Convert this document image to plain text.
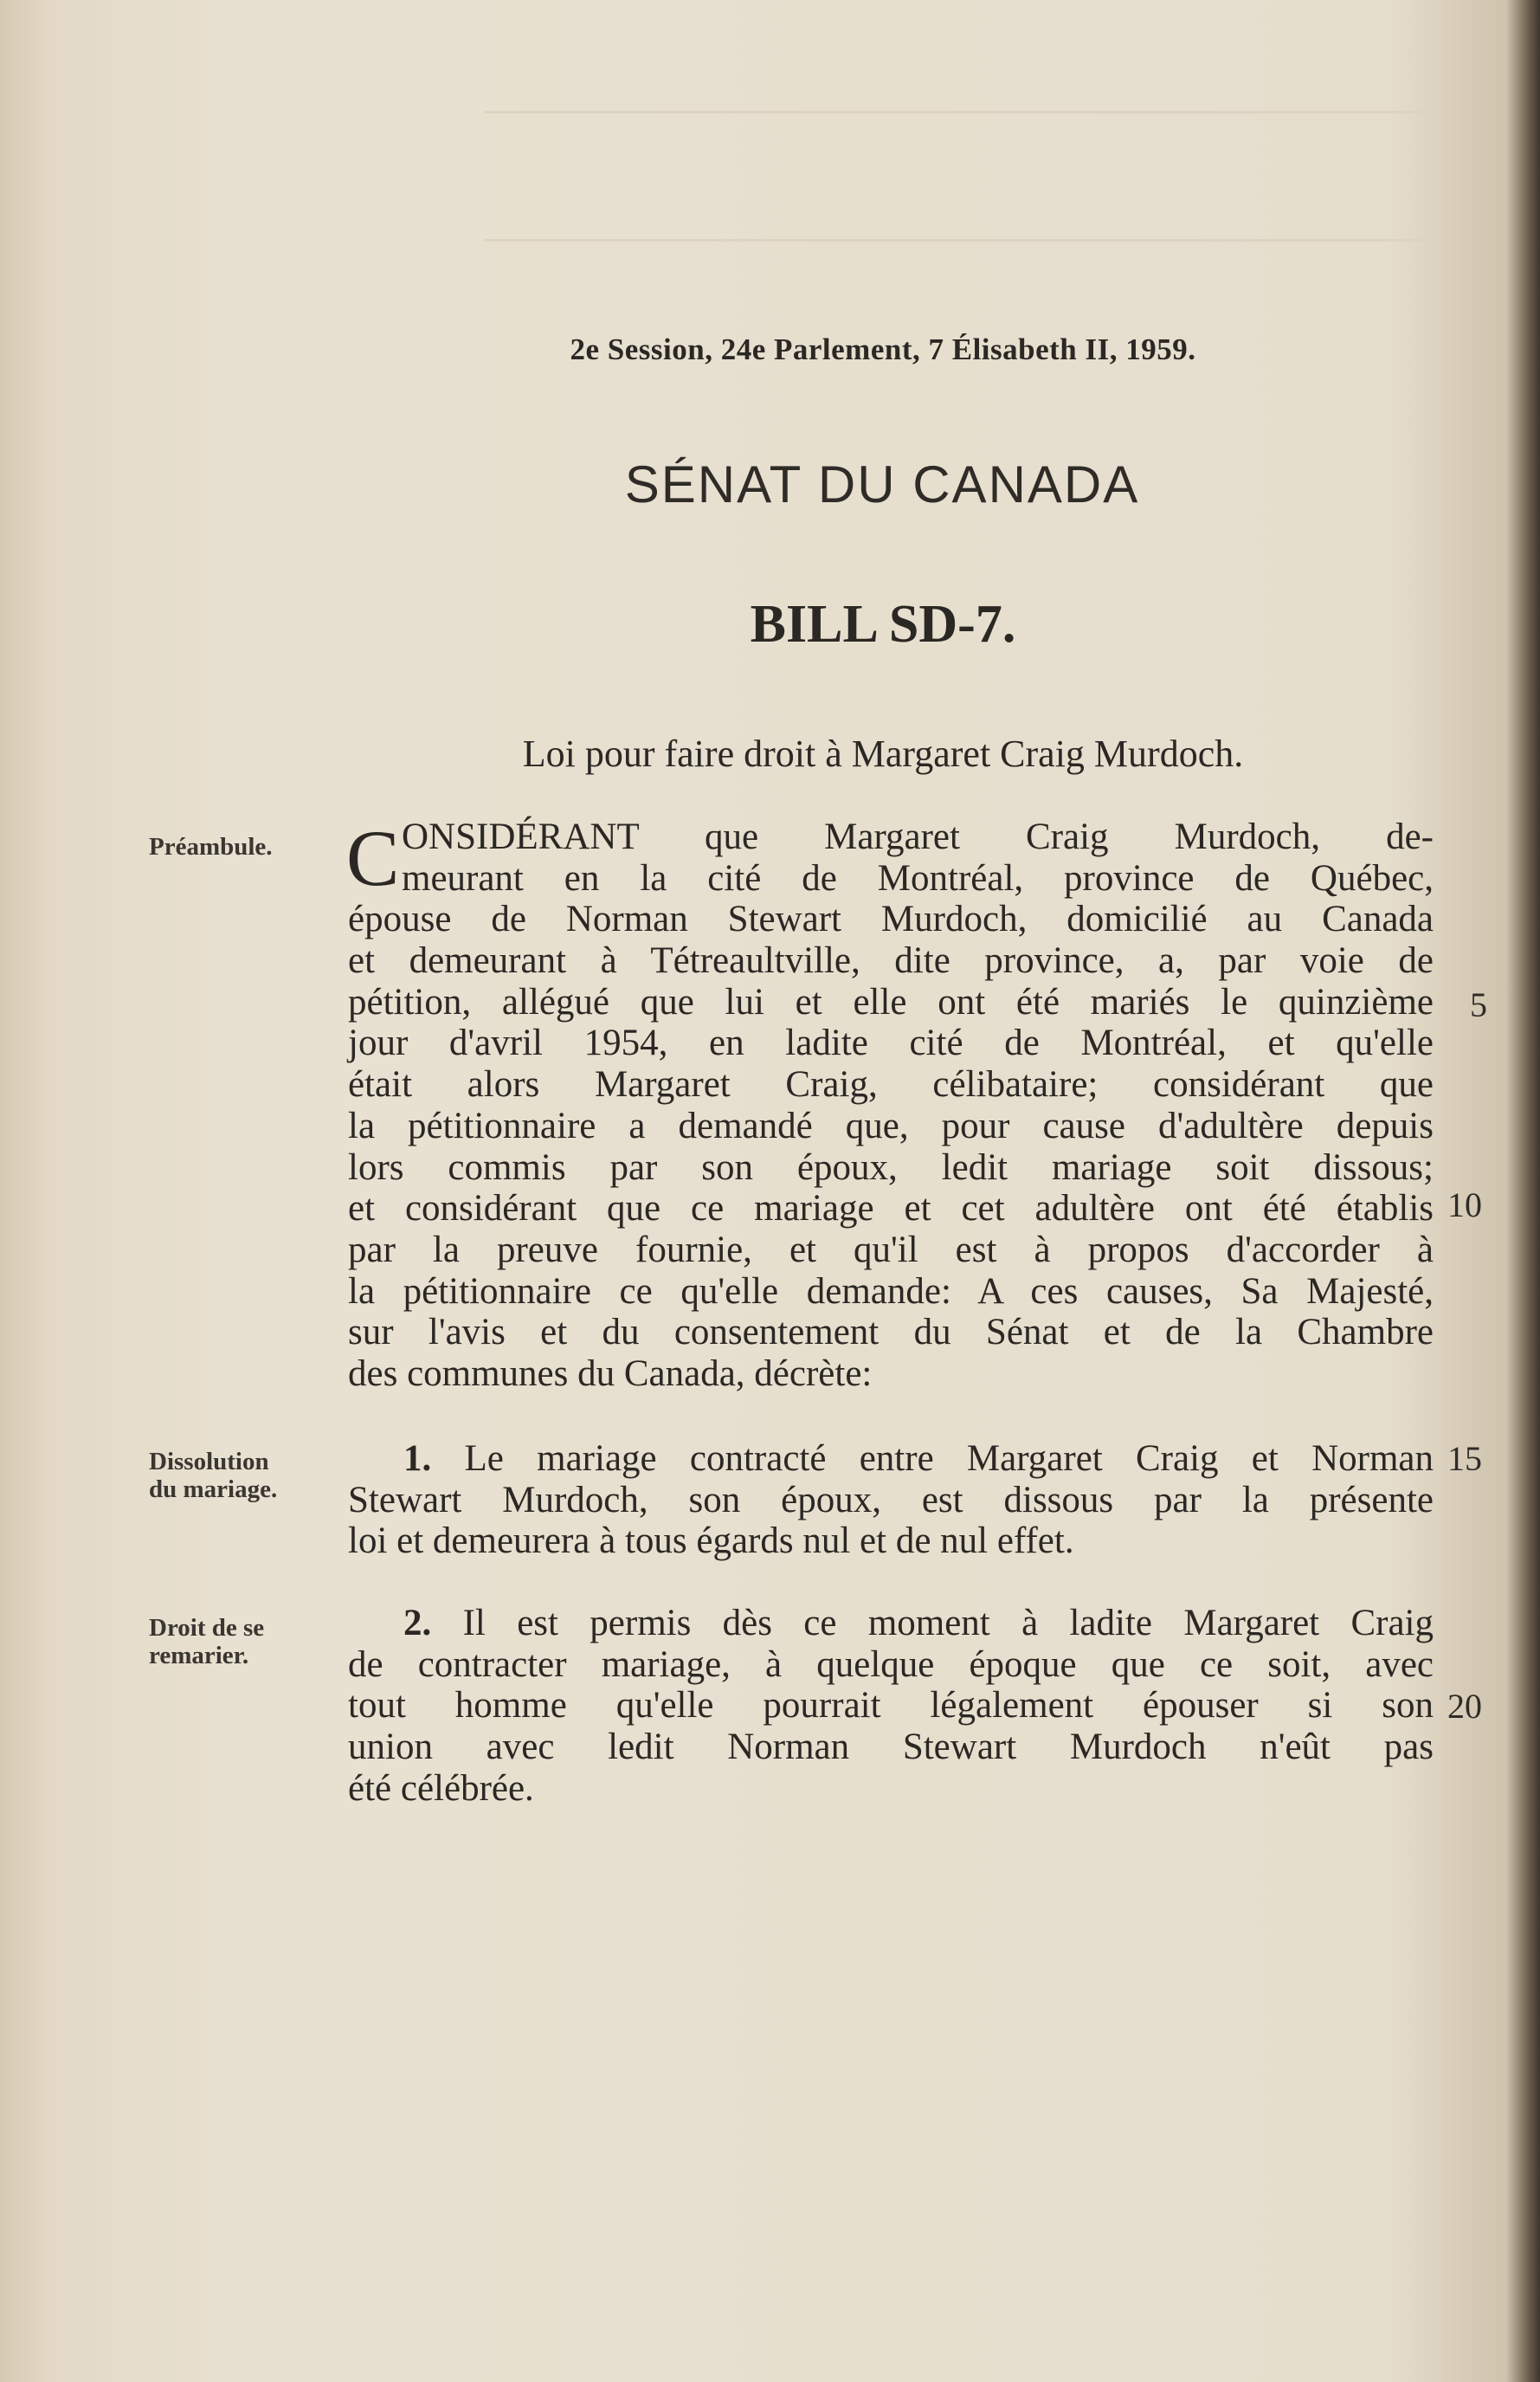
2e Session, 24e Parlement, 7 Élisabeth II, 1959.
SÉNAT DU CANADA
BILL SD-7.
Loi pour faire droit à Margaret Craig Murdoch.
Préambule.
Dissolution
du mariage.
Droit de se
remarier.
C ONSIDÉRANT que Margaret Craig Murdoch, de-
meurant en la cité de Montréal, province de Québec,
épouse de Norman Stewart Murdoch, domicilié au Canada
et demeurant à Tétreaultville, dite province, a, par voie de
pétition, allégué que lui et elle ont été mariés le quinzième
jour d'avril 1954, en ladite cité de Montréal, et qu'elle
était alors Margaret Craig, célibataire; considérant que
la pétitionnaire a demandé que, pour cause d'adultère depuis
lors commis par son époux, ledit mariage soit dissous;
et considérant que ce mariage et cet adultère ont été établis
par la preuve fournie, et qu'il est à propos d'accorder à
la pétitionnaire ce qu'elle demande: A ces causes, Sa Majesté,
sur l'avis et du consentement du Sénat et de la Chambre
des communes du Canada, décrète:
1. Le mariage contracté entre Margaret Craig et Norman
Stewart Murdoch, son époux, est dissous par la présente
loi et demeurera à tous égards nul et de nul effet.
2. Il est permis dès ce moment à ladite Margaret Craig
de contracter mariage, à quelque époque que ce soit, avec
tout homme qu'elle pourrait légalement épouser si son
union avec ledit Norman Stewart Murdoch n'eût pas
été célébrée.
5
10
15
20
